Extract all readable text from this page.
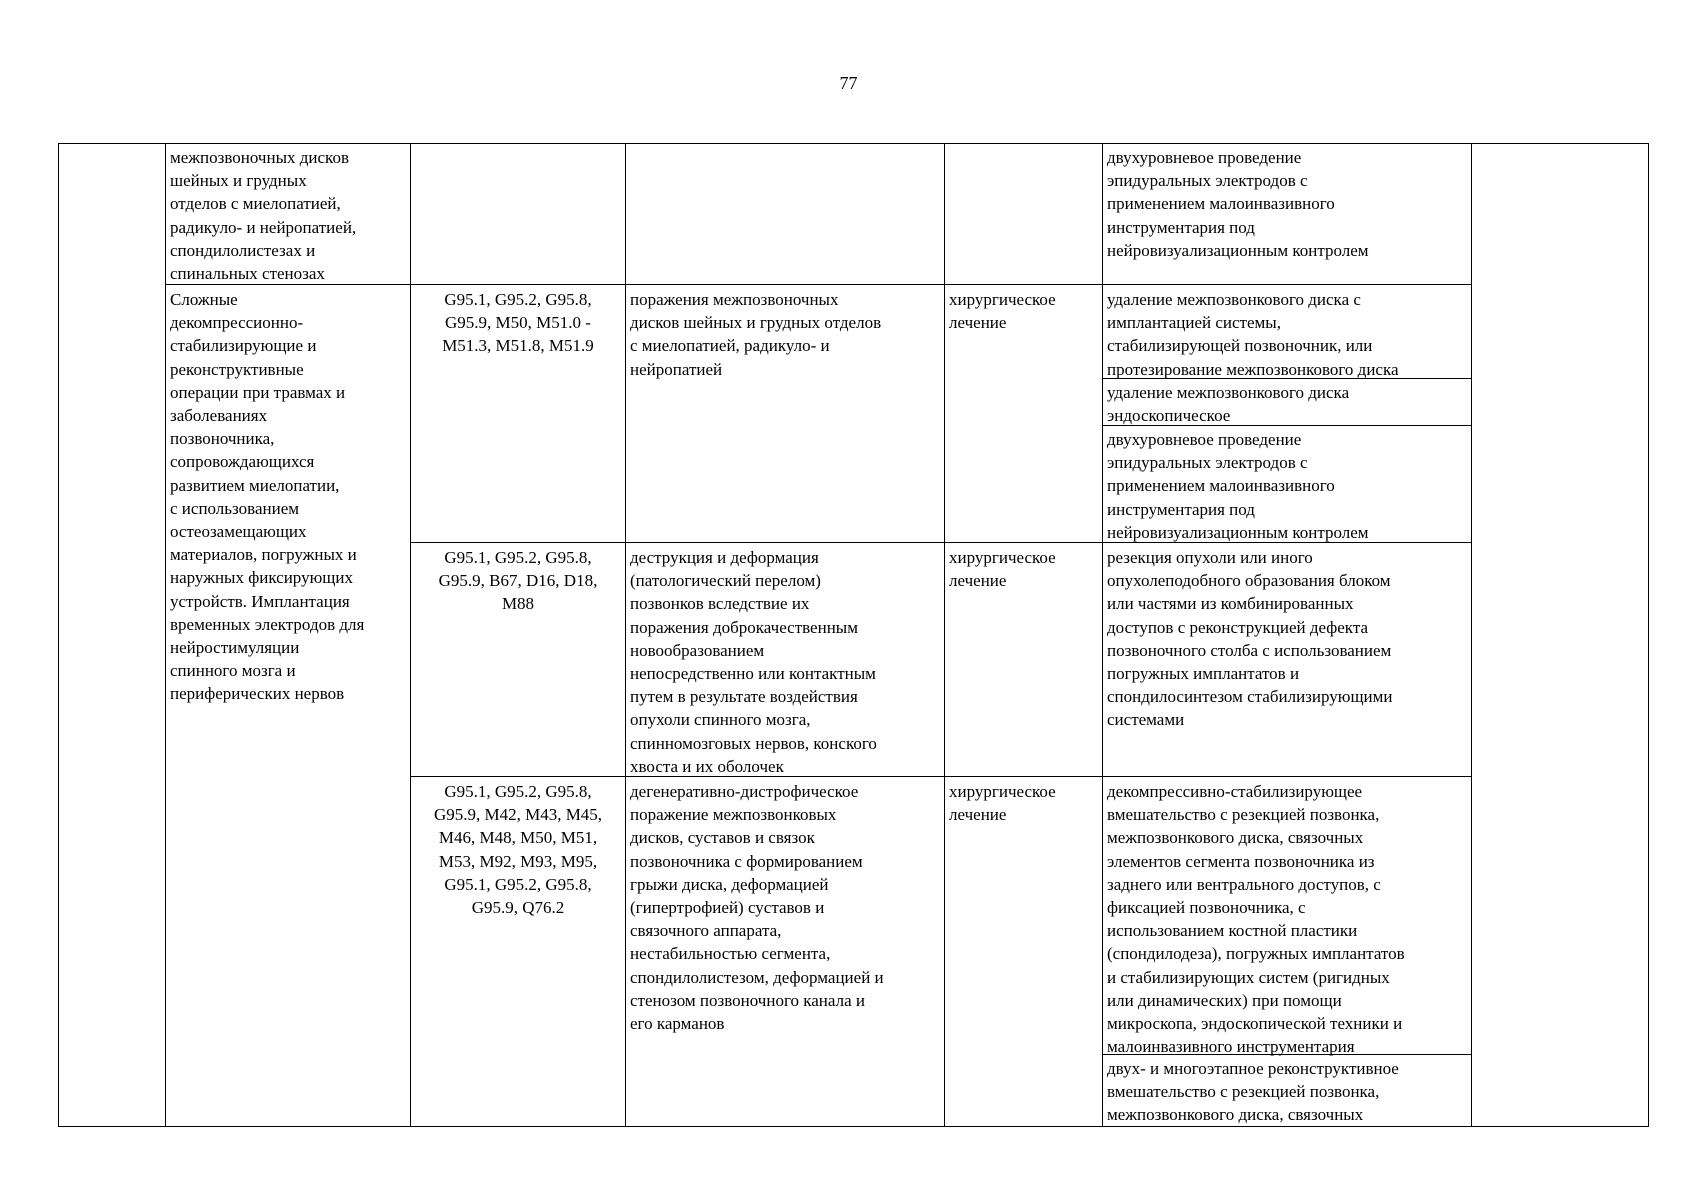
77
межпозвоночных дисков
шейных и грудных
отделов с миелопатией,
радикуло- и нейропатией,
спондилолистезах и
спинальных стенозах
двухуровневое проведение
эпидуральных электродов с
применением малоинвазивного
инструментария под
нейровизуализационным контролем
Сложные
декомпрессионно-
стабилизирующие и
реконструктивные
операции при травмах и
заболеваниях
позвоночника,
сопровождающихся
развитием миелопатии,
с использованием
остеозамещающих
материалов, погружных и
наружных фиксирующих
устройств. Имплантация
временных электродов для
нейростимуляции
спинного мозга и
периферических нервов
G95.1, G95.2, G95.8,
G95.9, M50, M51.0 -
M51.3, M51.8, M51.9
поражения межпозвоночных
дисков шейных и грудных отделов
с миелопатией, радикуло- и
нейропатией
хирургическое
лечение
удаление межпозвонкового диска с
имплантацией системы,
стабилизирующей позвоночник, или
протезирование межпозвонкового диска
удаление межпозвонкового диска
эндоскопическое
двухуровневое проведение
эпидуральных электродов с
применением малоинвазивного
инструментария под
нейровизуализационным контролем
G95.1, G95.2, G95.8,
G95.9, B67, D16, D18,
M88
деструкция и деформация
(патологический перелом)
позвонков вследствие их
поражения доброкачественным
новообразованием
непосредственно или контактным
путем в результате воздействия
опухоли спинного мозга,
спинномозговых нервов, конского
хвоста и их оболочек
хирургическое
лечение
резекция опухоли или иного
опухолеподобного образования блоком
или частями из комбинированных
доступов с реконструкцией дефекта
позвоночного столба с использованием
погружных имплантатов и
спондилосинтезом стабилизирующими
системами
G95.1, G95.2, G95.8,
G95.9, M42, M43, M45,
M46, M48, M50, M51,
M53, M92, M93, M95,
G95.1, G95.2, G95.8,
G95.9, Q76.2
дегенеративно-дистрофическое
поражение межпозвонковых
дисков, суставов и связок
позвоночника с формированием
грыжи диска, деформацией
(гипертрофией) суставов и
связочного аппарата,
нестабильностью сегмента,
спондилолистезом, деформацией и
стенозом позвоночного канала и
его карманов
хирургическое
лечение
декомпрессивно-стабилизирующее
вмешательство с резекцией позвонка,
межпозвонкового диска, связочных
элементов сегмента позвоночника из
заднего или вентрального доступов, с
фиксацией позвоночника, с
использованием костной пластики
(спондилодеза), погружных имплантатов
и стабилизирующих систем (ригидных
или динамических) при помощи
микроскопа, эндоскопической техники и
малоинвазивного инструментария
двух- и многоэтапное реконструктивное
вмешательство с резекцией позвонка,
межпозвонкового диска, связочных
